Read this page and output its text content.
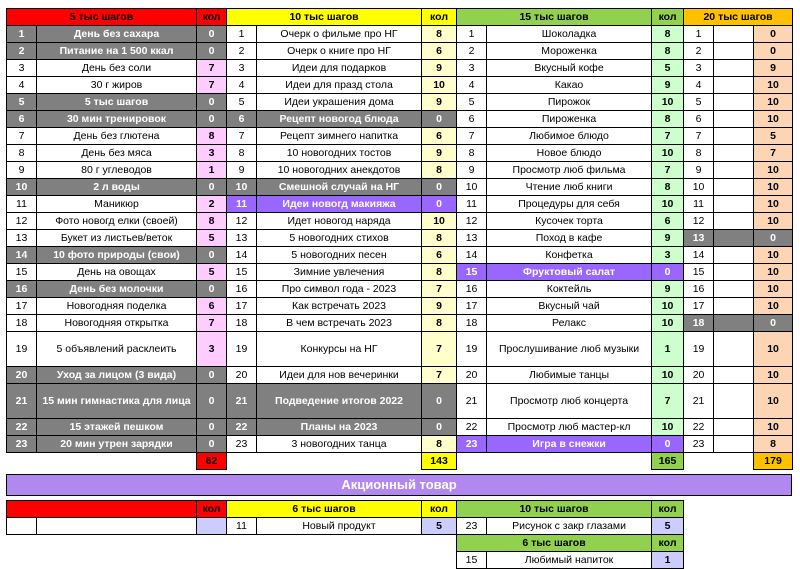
5 тыс шагов		кол	10 тыс шагов		кол	15 тыс шагов		кол	20 тыс шагов		
1	День без сахара	0	1	Очерк о фильме про НГ	8	1	Шоколадка	8	1		0
2	Питание на 1 500 ккал	0	2	Очерк о книге про НГ	6	2	Мороженка	8	2		0
3	День без соли	7	3	Идеи для подарков	9	3	Вкусный кофе	5	3		9
4	30 г жиров	7	4	Идеи для празд стола	10	4	Какао	9	4		10
5	5 тыс шагов	0	5	Идеи украшения дома	9	5	Пирожок	10	5		10
6	30 мин тренировок	0	6	Рецепт новогод блюда	0	6	Пироженка	8	6		10
7	День без глютена	8	7	Рецепт зимнего напитка	6	7	Любимое блюдо	7	7		5
8	День без мяса	3	8	10 новогодних тостов	9	8	Новое блюдо	10	8		7
9	80 г углеводов	1	9	10 новогодних анекдотов	8	9	Просмотр люб фильма	7	9		10
10	2 л воды	0	10	Смешной случай на НГ	0	10	Чтение люб книги	8	10		10
11	Маникюр	2	11	Идеи новогд макияжа	0	11	Процедуры для себя	10	11		10
12	Фото новогд елки (своей)	8	12	Идет новогод наряда	10	12	Кусочек торта	6	12		10
13	Букет из листьев/веток	5	13	5 новогодних стихов	8	13	Поход в кафе	9	13		0
14	10 фото природы (свои)	0	14	5 новогодних песен	6	14	Конфетка	3	14		10
15	День на овощах	5	15	Зимние увлечения	8	15	Фруктовый салат	0	15		10
16	День без молочки	0	16	Про символ года - 2023	7	16	Коктейль	9	16		10
17	Новогодняя поделка	6	17	Как встречать 2023	9	17	Вкусный чай	10	17		10
18	Новогодняя открытка	7	18	В чем встречать 2023	8	18	Релакс	10	18		0
19	5 объявлений расклеить	3	19	Конкурсы на НГ	7	19	Прослушивание люб музыки	1	19		10
20	Уход за лицом (3 вида)	0	20	Идеи для нов вечеринки	7	20	Любимые танцы	10	20		10
21	15 мин гимнастика для лица	0	21	Подведение итогов 2022	0	21	Просмотр люб концерта	7	21		10
22	15 этажей пешком	0	22	Планы на 2023	0	22	Просмотр люб мастер-кл	10	22		10
23	20 мин утрен зарядки	0	23	3 новогодних танца	8	23	Игра в снежки	0	23		8
		62			143			165			179
Акционный товар
		кол	6 тыс шагов		кол	10 тыс шагов		кол	
			11	Новый продукт	5	23	Рисунок с закр глазами	5	
						6 тыс шагов		кол	
						15	Любимый напиток	1	
